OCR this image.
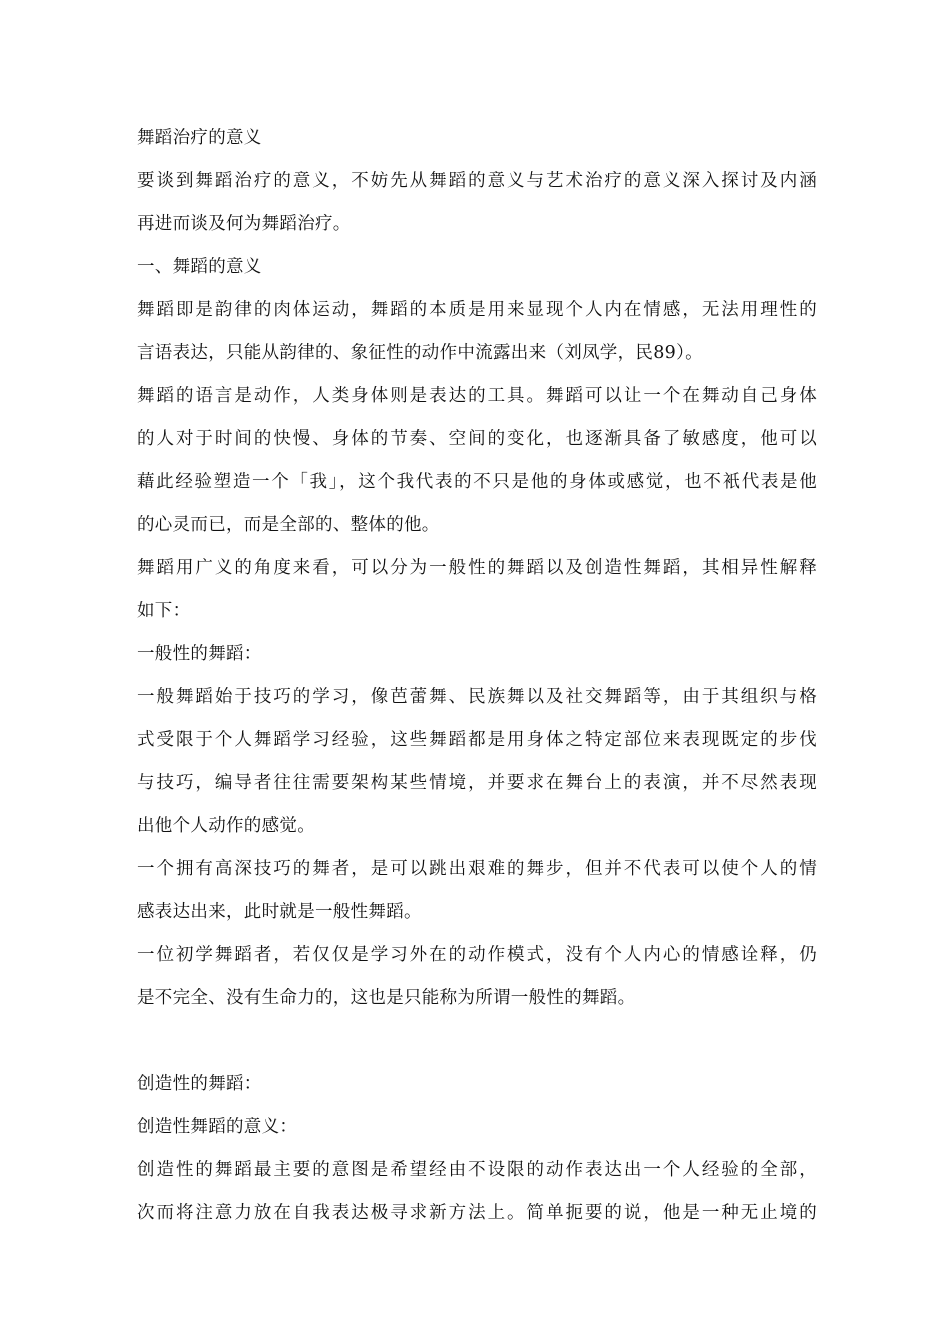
舞蹈治疗的意义
要谈到舞蹈治疗的意义，不妨先从舞蹈的意义与艺术治疗的意义深入探讨及内涵
再进而谈及何为舞蹈治疗。
一、舞蹈的意义
舞蹈即是韵律的肉体运动，舞蹈的本质是用来显现个人内在情感，无法用理性的
言语表达，只能从韵律的、象征性的动作中流露出来（刘凤学，民89）。
舞蹈的语言是动作，人类身体则是表达的工具。舞蹈可以让一个在舞动自己身体
的人对于时间的快慢、身体的节奏、空间的变化，也逐渐具备了敏感度，他可以
藉此经验塑造一个「我」，这个我代表的不只是他的身体或感觉，也不衹代表是他
的心灵而已，而是全部的、整体的他。
舞蹈用广义的角度来看，可以分为一般性的舞蹈以及创造性舞蹈，其相异性解释
如下：
一般性的舞蹈：
一般舞蹈始于技巧的学习，像芭蕾舞、民族舞以及社交舞蹈等，由于其组织与格
式受限于个人舞蹈学习经验，这些舞蹈都是用身体之特定部位来表现既定的步伐
与技巧，编导者往往需要架构某些情境，并要求在舞台上的表演，并不尽然表现
出他个人动作的感觉。
一个拥有高深技巧的舞者，是可以跳出艰难的舞步，但并不代表可以使个人的情
感表达出来，此时就是一般性舞蹈。
一位初学舞蹈者，若仅仅是学习外在的动作模式，没有个人内心的情感诠释，仍
是不完全、没有生命力的，这也是只能称为所谓一般性的舞蹈。
创造性的舞蹈：
创造性舞蹈的意义：
创造性的舞蹈最主要的意图是希望经由不设限的动作表达出一个人经验的全部，
次而将注意力放在自我表达极寻求新方法上。简单扼要的说，他是一种无止境的
